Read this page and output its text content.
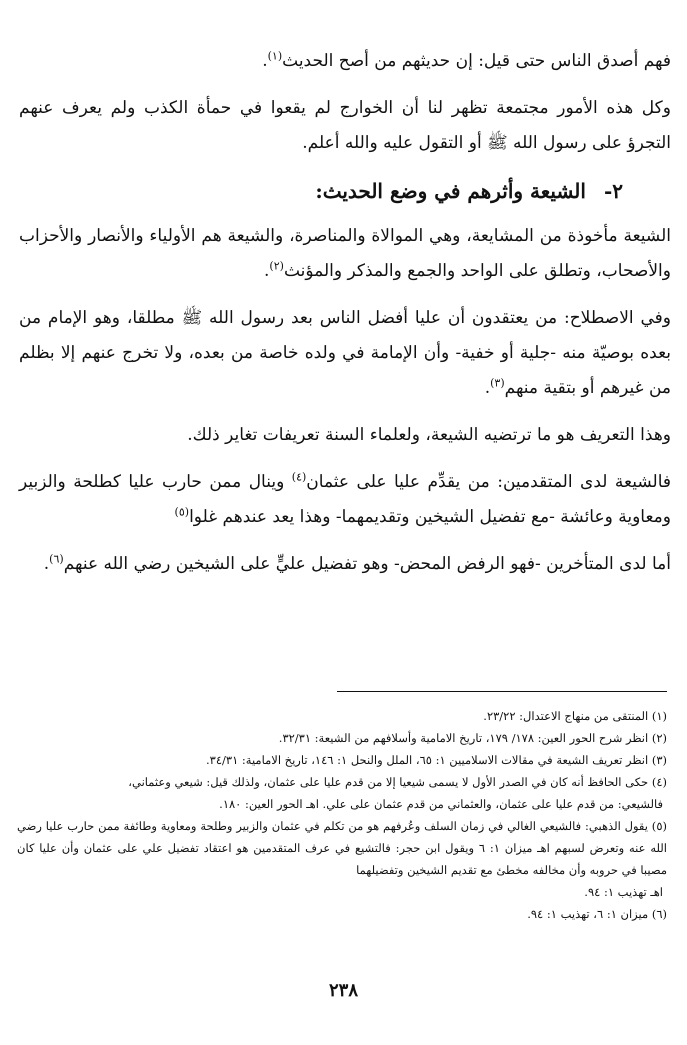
فهم أصدق الناس حتى قيل: إن حديثهم من أصح الحديث$^{(١)}$.

وكل هذه الأمور مجتمعة تظهر لنا أن الخوارج لم يقعوا في حمأة الكذب ولم يعرف عنهم التجرؤ على رسول الله ﷺ أو التقول عليه والله أعلم.

٢-الشيعة وأثرهم في وضع الحديث:

الشيعة مأخوذة من المشايعة، وهي الموالاة والمناصرة، والشيعة هم الأولياء والأنصار والأحزاب والأصحاب، وتطلق على الواحد والجمع والمذكر والمؤنث$^{(٢)}$.

وفي الاصطلاح: من يعتقدون أن عليا أفضل الناس بعد رسول الله ﷺ مطلقا، وهو الإمام من بعده بوصيّة منه -جلية أو خفية- وأن الإمامة في ولده خاصة من بعده، ولا تخرج عنهم إلا بظلم من غيرهم أو بتقية منهم$^{(٣)}$.

وهذا التعريف هو ما ترتضيه الشيعة، ولعلماء السنة تعريفات تغاير ذلك.

فالشيعة لدى المتقدمين: من يقدِّم عليا على عثمان$^{(٤)}$ وينال ممن حارب عليا كطلحة والزبير ومعاوية وعائشة -مع تفضيل الشيخين وتقديمهما- وهذا يعد عندهم غلوا$^{(٥)}$

أما لدى المتأخرين -فهو الرفض المحض- وهو تفضيل عليٍّ على الشيخين رضي الله عنهم$^{(٦)}$.

(١) المنتقى من منهاج الاعتدال: ٢٣/٢٢.

(٢) انظر شرح الحور العين: ١٧٨/ ١٧٩، تاريخ الامامية وأسلافهم من الشيعة: ٣٢/٣١.

(٣) انظر تعريف الشيعة في مقالات الاسلاميين ١: ٦٥، الملل والنحل ١: ١٤٦، تاريخ الامامية: ٣٤/٣١.

(٤) حكى الحافظ أنه كان في الصدر الأول لا يسمى شيعيا إلا من قدم عليا على عثمان، ولذلك قيل: شيعي وعثماني،

فالشيعي: من قدم عليا على عثمان، والعثماني من قدم عثمان على علي. اهـ الحور العين: ١٨٠.

(٥) يقول الذهبي: فالشيعي الغالي في زمان السلف وعُرفهم هو من تكلم في عثمان والزبير وطلحة ومعاوية وطائفة ممن حارب عليا رضي الله عنه وتعرض لسبهم اهـ ميزان ١: ٦ ويقول ابن حجر: فالتشيع في عرف المتقدمين هو اعتقاد تفضيل علي على عثمان وأن عليا كان مصيبا في حروبه وأن مخالفه مخطئ مع تقديم الشيخين وتفضيلهما

اهـ تهذيب ١: ٩٤.

(٦) ميزان ١: ٦، تهذيب ١: ٩٤.

٢٣٨
